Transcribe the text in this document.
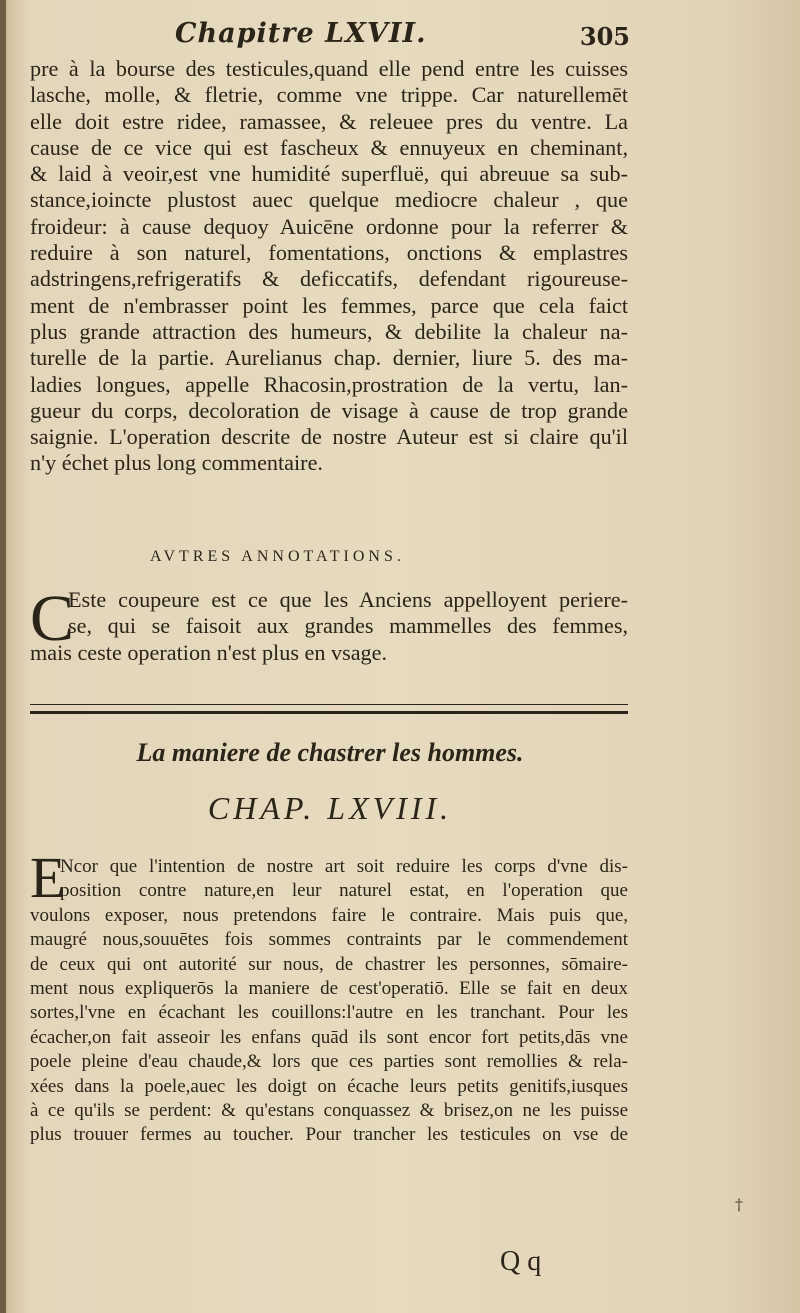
Chapitre LXVII.	305
pre à la bourse des testicules,quand elle pend entre les cuisses
lasche, molle, & fletrie, comme vne trippe. Car naturellemēt
elle doit estre ridee, ramassee, & releuee pres du ventre. La
cause de ce vice qui est fascheux & ennuyeux en cheminant,
& laid à veoir,est vne humidité superfluë, qui abreuue sa sub-
stance,ioincte plustost auec quelque mediocre chaleur , que
froideur: à cause dequoy Auicēne ordonne pour la referrer &
reduire à son naturel, fomentations, onctions & emplastres
adstringens,refrigeratifs & deficcatifs, defendant rigoureuse-
ment de n'embrasser point les femmes, parce que cela faict
plus grande attraction des humeurs, & debilite la chaleur na-
turelle de la partie. Aurelianus chap. dernier, liure 5. des ma-
ladies longues, appelle Rhacosin,prostration de la vertu, lan-
gueur du corps, decoloration de visage à cause de trop grande
saignie. L'operation descrite de nostre Auteur est si claire qu'il
n'y échet plus long commentaire.
AVTRES ANNOTATIONS.
C
Este coupeure est ce que les Anciens appelloyent periere-
se, qui se faisoit aux grandes mammelles des femmes,
mais ceste operation n'est plus en vsage.
La maniere de chastrer les hommes.
CHAP. LXVIII.
E
Ncor que l'intention de nostre art soit reduire les corps d'vne dis-
position contre nature,en leur naturel estat, en l'operation que
voulons exposer, nous pretendons faire le contraire. Mais puis que,
maugré nous,souuētes fois sommes contraints par le commendement
de ceux qui ont autorité sur nous, de chastrer les personnes, sōmaire-
ment nous expliquerōs la maniere de cest'operatiō. Elle se fait en deux
sortes,l'vne en écachant les couillons:l'autre en les tranchant. Pour les
écacher,on fait asseoir les enfans quād ils sont encor fort petits,dās vne
poele pleine d'eau chaude,& lors que ces parties sont remollies & rela-
xées dans la poele,auec les doigt on écache leurs petits genitifs,iusques
à ce qu'ils se perdent: & qu'estans conquassez & brisez,on ne les puisse
plus trouuer fermes au toucher. Pour trancher les testicules on vse de
Q q
†
